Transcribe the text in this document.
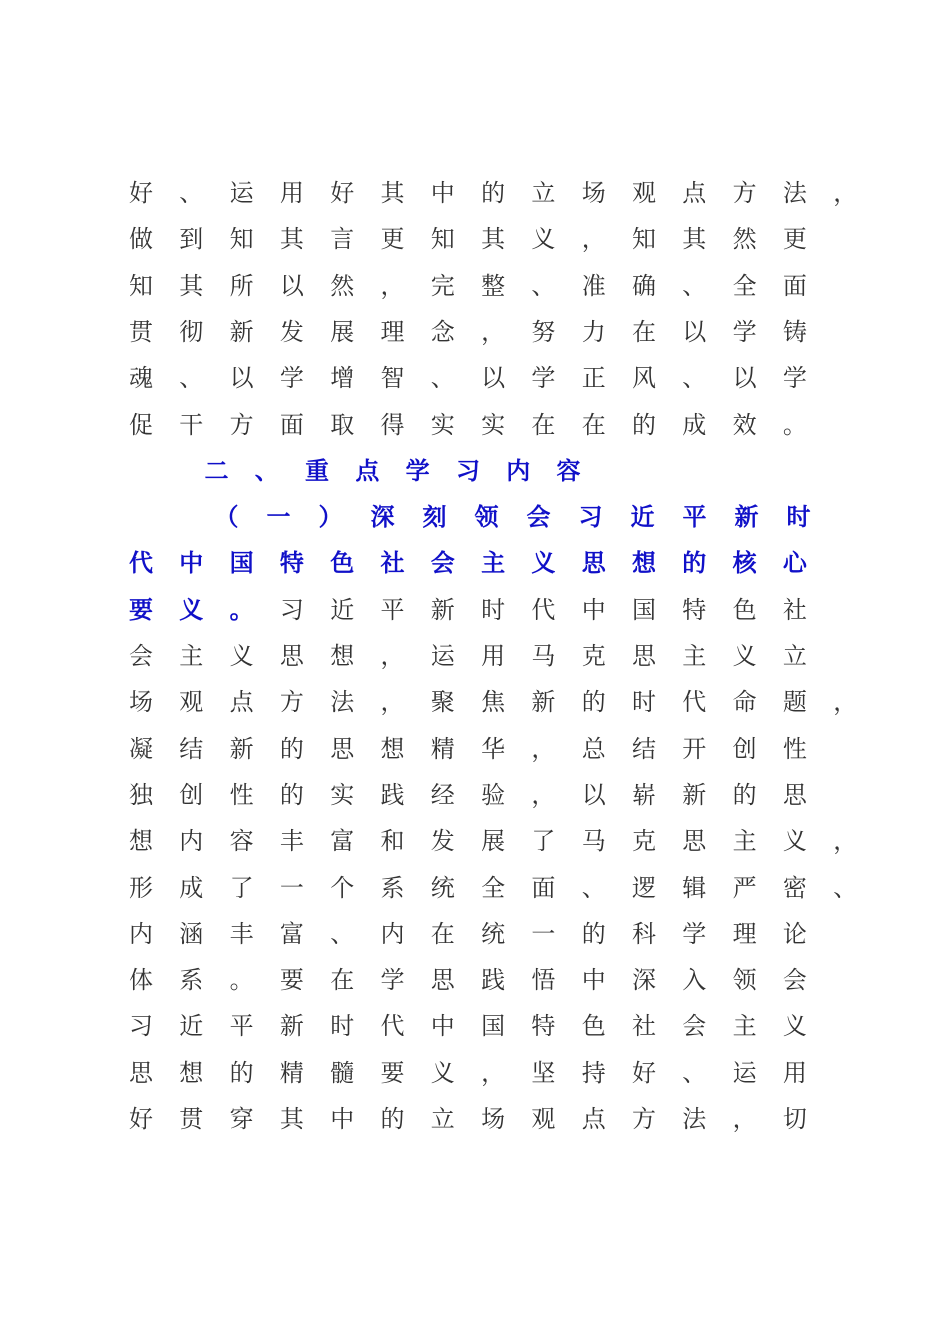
好 、 运 用 好 其 中 的 立 场 观 点 方 法 ，
做 到 知 其 言 更 知 其 义 ， 知 其 然 更
知 其 所 以 然 ， 完 整 、 准 确 、 全 面
贯 彻 新 发 展 理 念 ， 努 力 在 以 学 铸
魂 、 以 学 增 智 、 以 学 正 风 、 以 学
促 干 方 面 取 得 实 实 在 在 的 成 效 。
二 、 重 点 学 习 内 容
（ 一 ） 深 刻 领 会 习 近 平 新 时
代 中 国 特 色 社 会 主 义 思 想 的 核 心
要 义 。 习 近 平 新 时 代 中 国 特 色 社
会 主 义 思 想 ， 运 用 马 克 思 主 义 立
场 观 点 方 法 ， 聚 焦 新 的 时 代 命 题 ，
凝 结 新 的 思 想 精 华 ， 总 结 开 创 性
独 创 性 的 实 践 经 验 ， 以 崭 新 的 思
想 内 容 丰 富 和 发 展 了 马 克 思 主 义 ，
形 成 了 一 个 系 统 全 面 、 逻 辑 严 密 、
内 涵 丰 富 、 内 在 统 一 的 科 学 理 论
体 系 。 要 在 学 思 践 悟 中 深 入 领 会
习 近 平 新 时 代 中 国 特 色 社 会 主 义
思 想 的 精 髓 要 义 ， 坚 持 好 、 运 用
好 贯 穿 其 中 的 立 场 观 点 方 法 ， 切
